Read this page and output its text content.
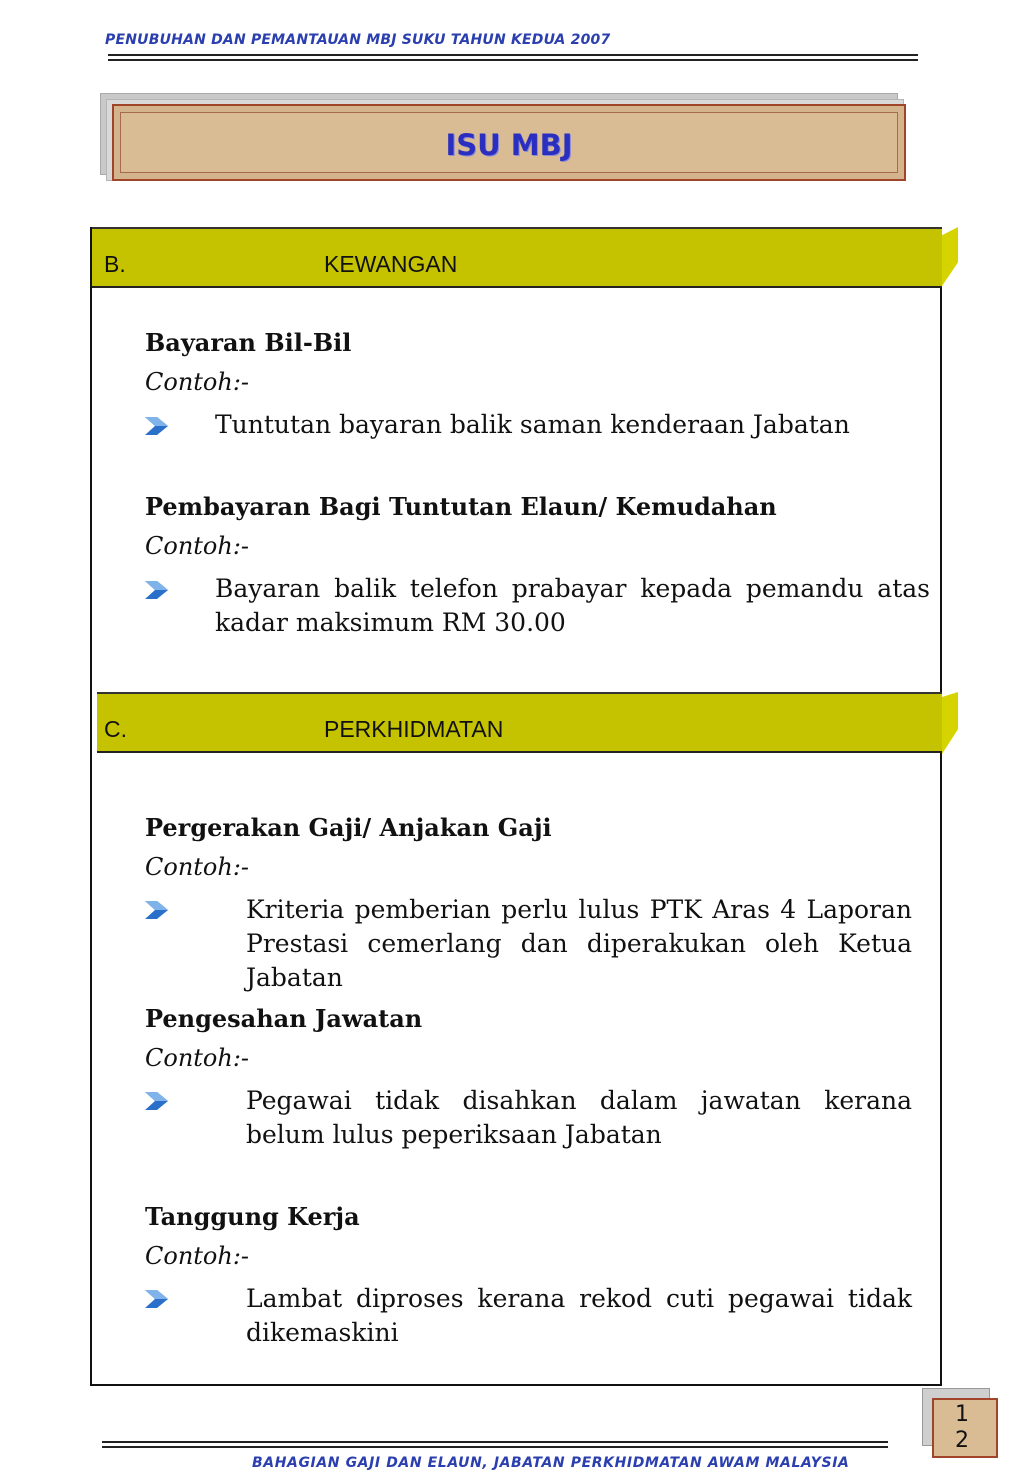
PENUBUHAN DAN PEMANTAUAN MBJ SUKU TAHUN KEDUA 2007
ISU MBJ
B.	KEWANGAN
Bayaran Bil-Bil
Contoh:-
Tuntutan bayaran balik saman kenderaan Jabatan
Pembayaran Bagi Tuntutan Elaun/ Kemudahan
Contoh:-
Bayaran balik telefon prabayar kepada pemandu atas kadar maksimum RM 30.00
C.	PERKHIDMATAN
Pergerakan Gaji/ Anjakan Gaji
Contoh:-
Kriteria pemberian perlu lulus PTK Aras 4 Laporan Prestasi cemerlang dan diperakukan oleh Ketua Jabatan
Pengesahan Jawatan
Contoh:-
Pegawai tidak disahkan dalam jawatan kerana belum lulus peperiksaan Jabatan
Tanggung Kerja
Contoh:-
Lambat diproses kerana rekod cuti pegawai tidak dikemaskini
12
BAHAGIAN GAJI DAN ELAUN, JABATAN PERKHIDMATAN AWAM MALAYSIA
